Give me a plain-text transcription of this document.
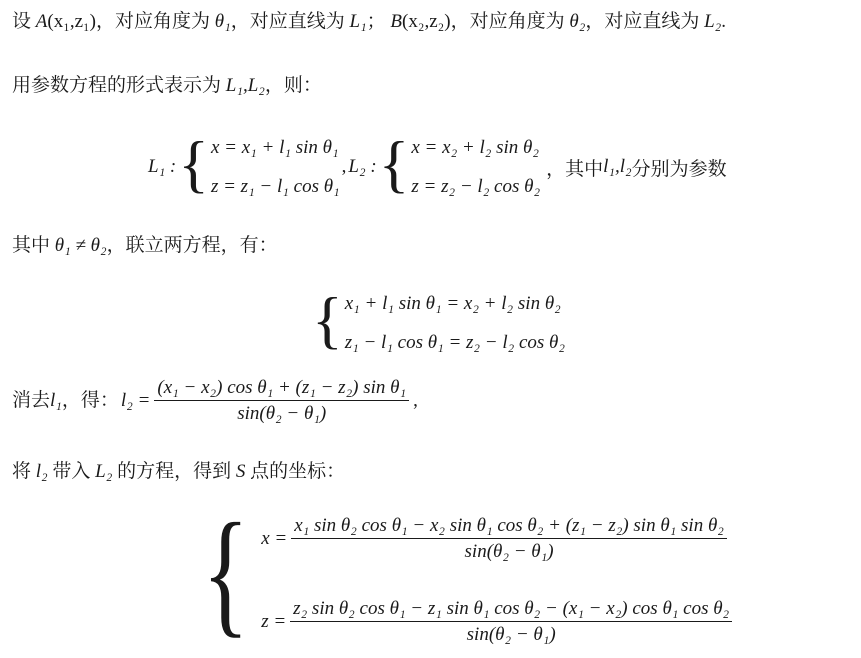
设 A(x₁,z₁)，对应角度为 θ₁，对应直线为 L₁； B(x₂,z₂)，对应角度为 θ₂，对应直线为 L₂.
用参数方程的形式表示为 L₁,L₂，则：
L₁ : { x = x₁ + l₁ sin θ₁
z = z₁ − l₁ cos θ₁
, L₂ : { x = x₂ + l₂ sin θ₂
z = z₂ − l₂ cos θ₂
，其中 l₁,l₂ 分别为参数
其中 θ₁ ≠ θ₂，联立两方程，有：
{ x₁ + l₁ sin θ₁ = x₂ + l₂ sin θ₂
z₁ − l₁ cos θ₁ = z₂ − l₂ cos θ₂
消去 l₁ ，得： $l_2 = \frac{\text{(x₁ − x₂) cos θ₁ + (z₁ − z₂) sin θ₁}}{\text{sin(θ₂ − θ₁)}}$ ,
将 l₂ 带入 L₂ 的方程，得到 S 点的坐标：
{ x =
x₁ sin θ₂ cos θ₁ − x₂ sin θ₁ cos θ₂ + (z₁ − z₂) sin θ₁ sin θ₂
sin(θ₂ − θ₁)
z =
z₂ sin θ₂ cos θ₁ − z₁ sin θ₁ cos θ₂ − (x₁ − x₂) cos θ₁ cos θ₂
sin(θ₂ − θ₁)
